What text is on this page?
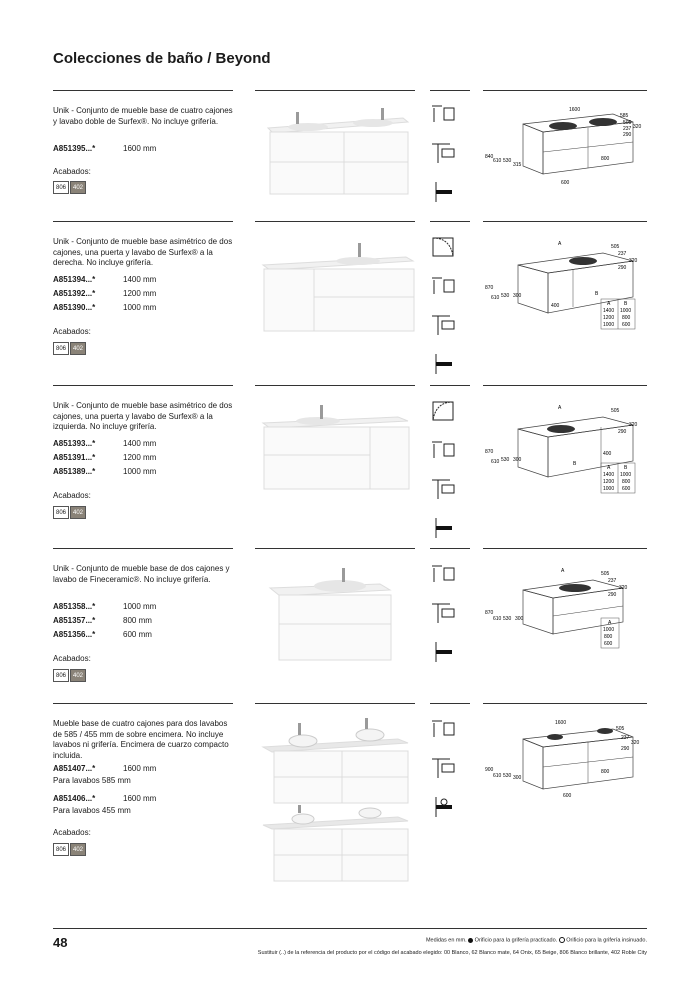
Colecciones de baño / Beyond
Unik - Conjunto de mueble base de cuatro cajones y lavabo doble de Surfex®. No incluye grifería.
A851395...*	1600 mm
Acabados:
806	402

1600
585
505
237
290
320
840
610 530
315
800
600
Unik - Conjunto de mueble base asimétrico de dos cajones, una puerta y lavabo de Surfex® a la derecha. No incluye grifería.
A851394...*	1400 mm
A851392...*	1200 mm
A851390...*	1000 mm
Acabados:
806	402

A	505
237
290
320
870
610 530 300	B
400	A	B
1400 1000
1200 800
1000 600
Unik - Conjunto de mueble base asimétrico de dos cajones, una puerta y lavabo de Surfex® a la izquierda. No incluye grifería.
A851393...*	1400 mm
A851391...*	1200 mm
A851389...*	1000 mm
Acabados:
806	402

A	505
320
290
870
610 530 300
B
400
A	B
1400 1000
1200 800
1000 600
Unik - Conjunto de mueble base de dos cajones y lavabo de Fineceramic®. No incluye grifería.
A851358...*	1000 mm
A851357...*	800 mm
A851356...*	600 mm
Acabados:
806	402

A	505
237
290
320
870
610 530 300
A
1000
800
600
Mueble base de cuatro cajones para dos lavabos de 585 / 455 mm de sobre encimera. No incluye lavabos ni grifería. Encimera de cuarzo compacto incluida.
A851407...*	1600 mm
Para lavabos 585 mm
A851406...*	1600 mm
Para lavabos 455 mm
Acabados:
806	402

1600
505
237
290
320
900
610 530 300
800
600
48	Medidas en mm. Orificio para la grifería practicado. Orificio para la grifería insinuado.
Sustituir (..) de la referencia del producto por el código del acabado elegido: 00 Blanco, 62 Blanco mate, 64 Onix, 65 Beige, 806 Blanco brillante, 402 Roble City
